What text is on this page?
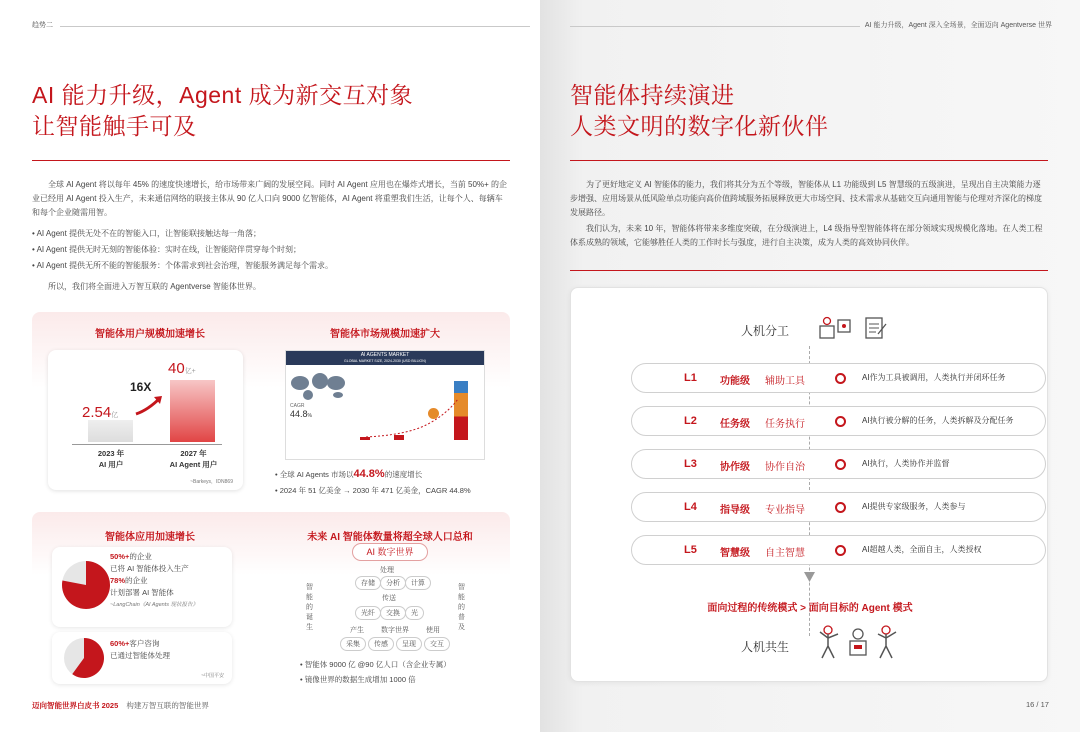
趋势二
AI 能力升级，Agent 成为新交互对象
让智能触手可及

全球 AI Agent 将以每年 45% 的速度快速增长，给市场带来广阔的发展空间。同时 AI Agent 应用也在爆炸式增长，当前 50%+ 的企业已经用 AI Agent 投入生产，未来通信网络的联接主体从 90 亿人口向 9000 亿智能体，AI Agent 将重塑我们生活，让每个人、每辆车和每个企业随需用智。

• AI Agent 提供无处不在的智能入口，让智能联接触达每一角落；
• AI Agent 提供无时无刻的智能体验：实时在线，让智能陪伴贯穿每个时刻；
• AI Agent 提供无所不能的智能服务：个体需求到社会治理，智能服务满足每个需求。

所以，我们将全面进入万智互联的 Agentverse 智能体世界。

智能体用户规模加速增长
2.54亿
40亿+
16X
2023 年
AI 用户
2027 年
AI Agent 用户
~Barkeys，IDN869
智能体市场规模加速扩大
AI AGENTS MARKET
GLOBAL MARKET SIZE, 2024-2030 (USD BILLION)
CAGR
44.8%
• 全球 AI Agents 市场以44.8%的速度增长
• 2024 年 51 亿美金 → 2030 年 471 亿美金，CAGR 44.8%
智能体应用加速增长
50%+的企业
已将 AI 智能体投入生产
78%的企业
计划部署 AI 智能体
~LangChain《AI Agents 现状报告》
60%+客户咨询
已通过智能体处理
~中国平安
未来 AI 智能体数量将超全球人口总和
AI 数字世界
智能的诞生
智能的普及
处理
存储	分析	计算
传送
光纤	交换	光
产生 数字世界 使用
采集	传感	呈现	交互
• 智能体 9000 亿 @90 亿人口（含企业专属）
• 镜像世界的数据生成增加 1000 倍
迈向智能世界白皮书 2025 构建万智互联的智能世界
AI 能力升级，Agent 深入全场景，全面迈向 Agentverse 世界
智能体持续演进
人类文明的数字化新伙伴

为了更好地定义 AI 智能体的能力，我们将其分为五个等级，智能体从 L1 功能级到 L5 智慧级的五级演进，呈现出自主决策能力逐步增强、应用场景从低风险单点功能向高价值跨域服务拓展释放更大市场空间、技术需求从基础交互向通用智能与伦理对齐深化的梯度发展路径。

我们认为，未来 10 年，智能体将带来多维度突破，在分级演进上，L4 级指导型智能体将在部分领域实现规模化落地。在人类工程体系成熟的领域，它能够胜任人类的工作时长与强度，进行自主决策，成为人类的高效协同伙伴。

人机分工
L1 功能级 辅助工具	AI作为工具被调用，人类执行并闭环任务
L2 任务级 任务执行	AI执行被分解的任务，人类拆解及分配任务
L3 协作级 协作自治	AI执行，人类协作并监督
L4 指导级 专业指导	AI提供专家级服务，人类参与
L5 智慧级 自主智慧	AI超越人类，全面自主，人类授权
面向过程的传统模式 > 面向目标的 Agent 模式
人机共生
16 / 17
